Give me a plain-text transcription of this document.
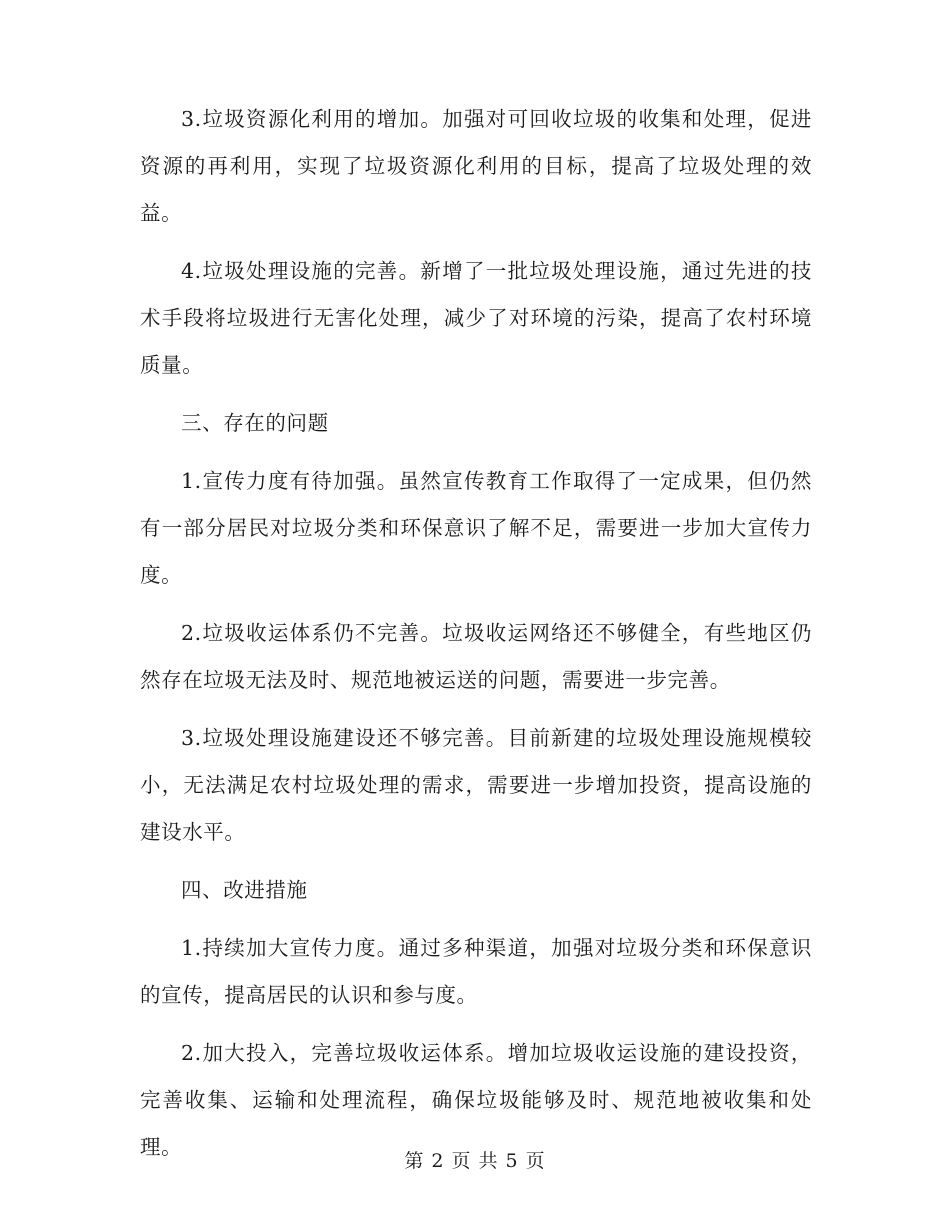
3.垃圾资源化利用的增加。加强对可回收垃圾的收集和处理，促进资源的再利用，实现了垃圾资源化利用的目标，提高了垃圾处理的效益。

4.垃圾处理设施的完善。新增了一批垃圾处理设施，通过先进的技术手段将垃圾进行无害化处理，减少了对环境的污染，提高了农村环境质量。

三、存在的问题

1.宣传力度有待加强。虽然宣传教育工作取得了一定成果，但仍然有一部分居民对垃圾分类和环保意识了解不足，需要进一步加大宣传力度。

2.垃圾收运体系仍不完善。垃圾收运网络还不够健全，有些地区仍然存在垃圾无法及时、规范地被运送的问题，需要进一步完善。

3.垃圾处理设施建设还不够完善。目前新建的垃圾处理设施规模较小，无法满足农村垃圾处理的需求，需要进一步增加投资，提高设施的建设水平。

四、改进措施

1.持续加大宣传力度。通过多种渠道，加强对垃圾分类和环保意识的宣传，提高居民的认识和参与度。

2.加大投入，完善垃圾收运体系。增加垃圾收运设施的建设投资，完善收集、运输和处理流程，确保垃圾能够及时、规范地被收集和处理。

第 2 页 共 5 页
